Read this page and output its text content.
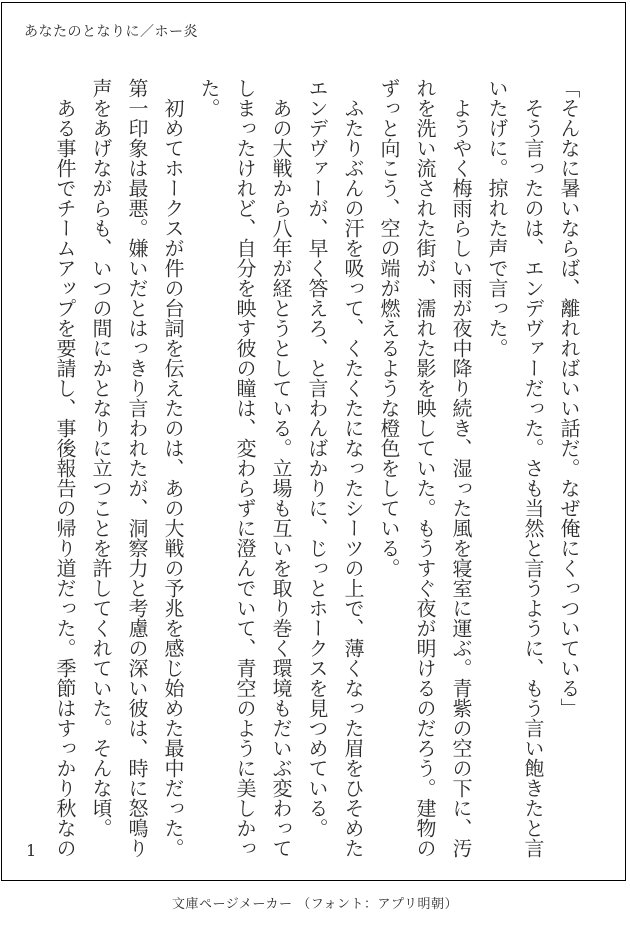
あなたのとなりに／ホー炎

「そんなに暑いならば、離れればいい話だ。なぜ俺にくっついている」

そう言ったのは、エンデヴァーだった。さも当然と言うように、もう言い飽きたと言いたげに。掠れた声で言った。

ようやく梅雨らしい雨が夜中降り続き、湿った風を寝室に運ぶ。青紫の空の下に、汚れを洗い流された街が、濡れた影を映していた。もうすぐ夜が明けるのだろう。建物のずっと向こう、空の端が燃えるような橙色をしている。

ふたりぶんの汗を吸って、くたくたになったシーツの上で、薄くなった眉をひそめたエンデヴァーが、早く答えろ、と言わんばかりに、じっとホークスを見つめている。

あの大戦から八年が経とうとしている。立場も互いを取り巻く環境もだいぶ変わってしまったけれど、自分を映す彼の瞳は、変わらずに澄んでいて、青空のように美しかった。

初めてホークスが件の台詞を伝えたのは、あの大戦の予兆を感じ始めた最中だった。第一印象は最悪。嫌いだとはっきり言われたが、洞察力と考慮の深い彼は、時に怒鳴り声をあげながらも、いつの間にかとなりに立つことを許してくれていた。そんな頃。

ある事件でチームアップを要請し、事後報告の帰り道だった。季節はすっかり秋なの

1
文庫ページメーカー （フォント：アプリ明朝）
